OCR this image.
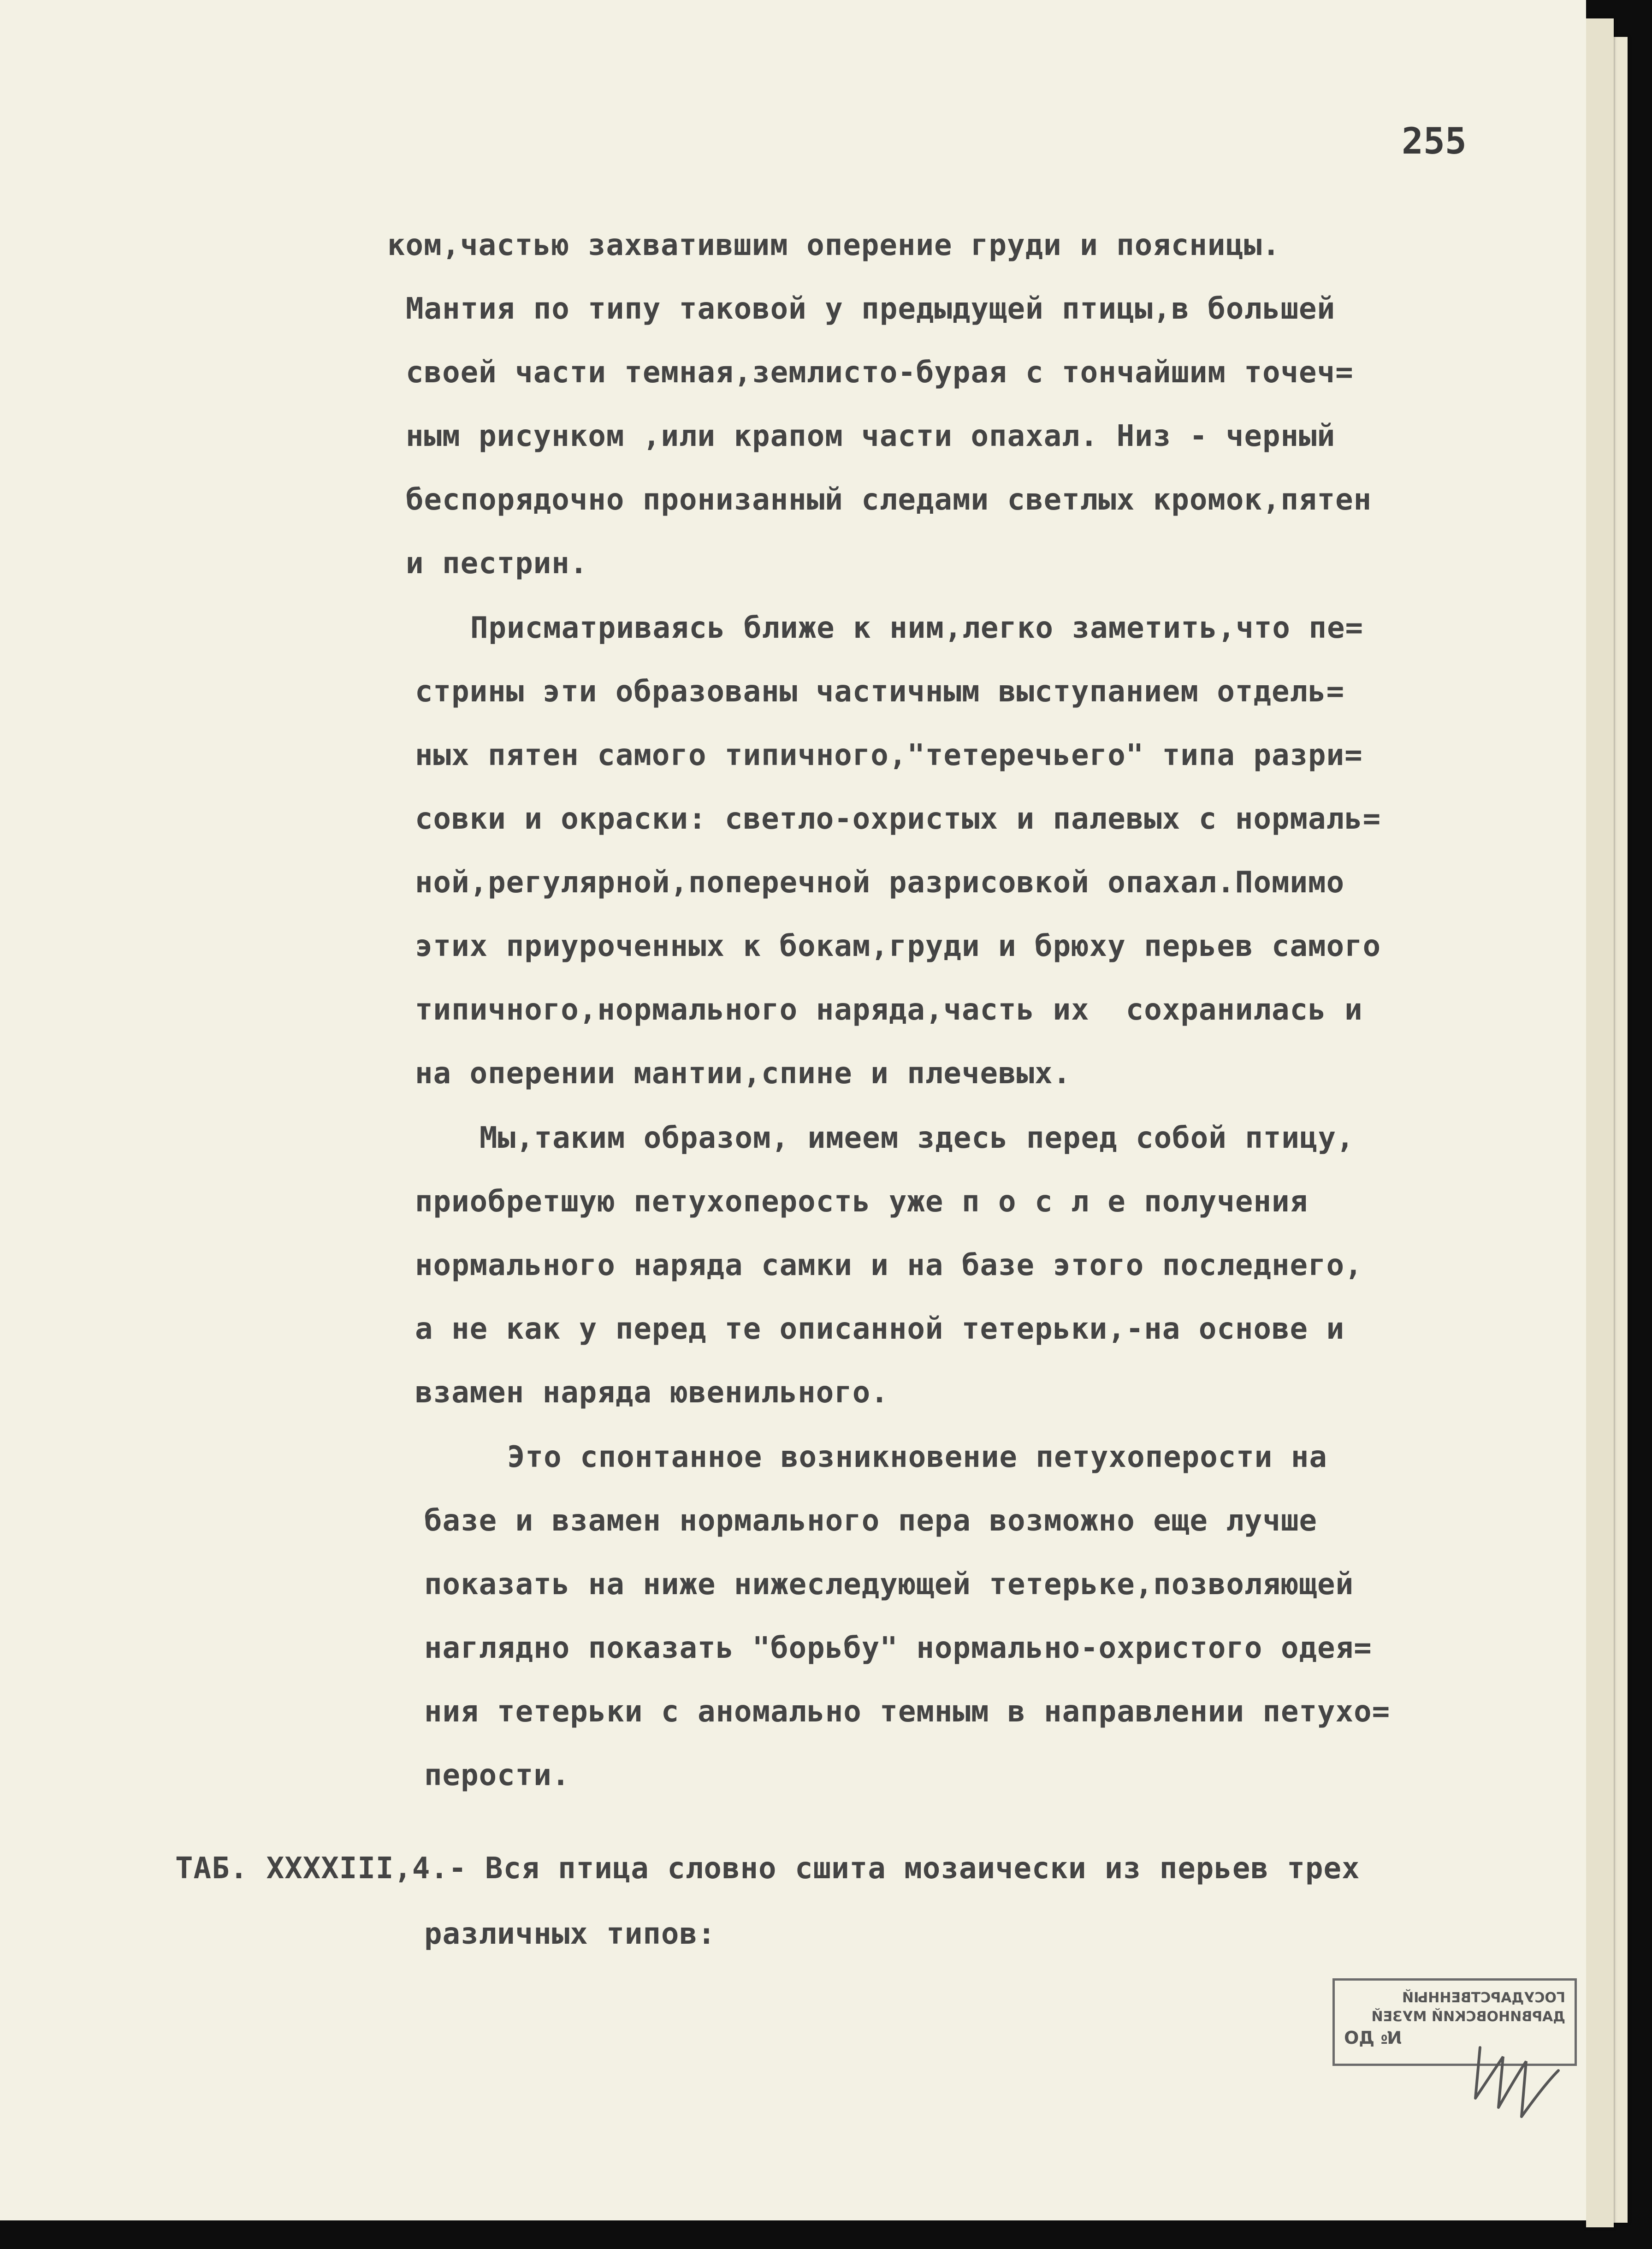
255
ком,частью захватившим оперение груди и поясницы.
Мантия по типу таковой у предыдущей птицы,в большей
своей части темная,землисто-бурая с тончайшим точеч=
ным рисунком ,или крапом части опахал. Низ - черный
беспорядочно пронизанный следами светлых кромок,пятен
и пестрин.
Присматриваясь ближе к ним,легко заметить,что пе=
стрины эти образованы частичным выступанием отдель=
ных пятен самого типичного,"тетеречьего" типа разри=
совки и окраски: светло-охристых и палевых с нормаль=
ной,регулярной,поперечной разрисовкой опахал.Помимо
этих приуроченных к бокам,груди и брюху перьев самого
типичного,нормального наряда,часть их  сохранилась и
на оперении мантии,спине и плечевых.
Мы,таким образом, имеем здесь перед собой птицу,
приобретшую петухоперость уже п о с л е получения
нормального наряда самки и на базе этого последнего,
а не как у перед те описанной тетерьки,-на основе и
взамен наряда ювенильного.
Это спонтанное возникновение петухоперости на
базе и взамен нормального пера возможно еще лучше
показать на ниже нижеследующей тетерьке,позволяющей
наглядно показать "борьбу" нормально-охристого одея=
ния тетерьки с аномально темным в направлении петухо=
перости.
ТАБ. XXXXIII,4.- Вся птица словно сшита мозаически из перьев трех
различных типов:
ГОСУДАРСТВЕННЫЙ
ДАРВИНОВСКИЙ МУЗЕЙ
№ ДО
